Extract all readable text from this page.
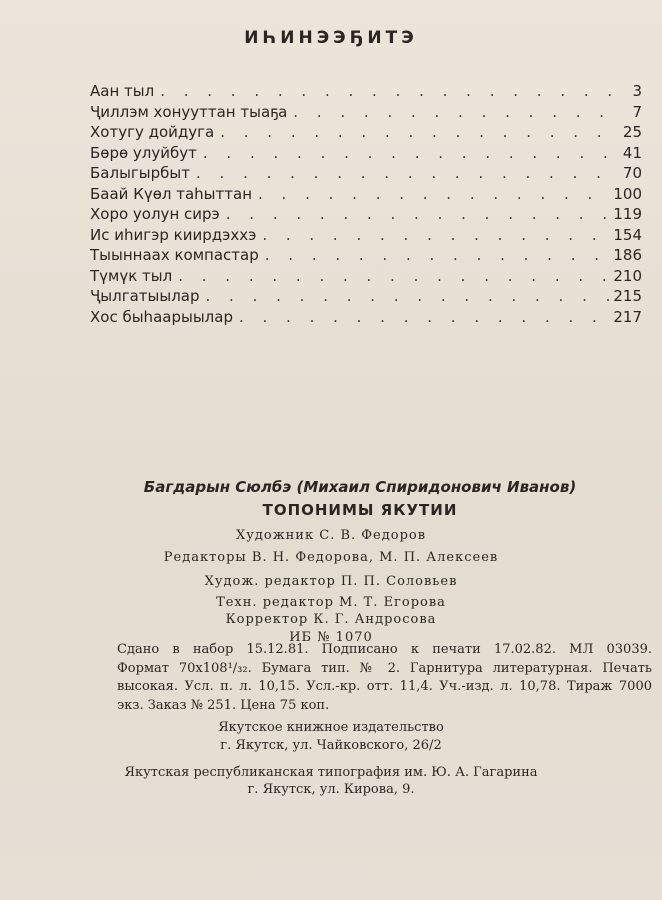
ИҺИНЭЭҔИТЭ
Аан тыл . . .	3
Ҷиллэм хонууттан тыаҕа . . .	7
Хотугу дойдуга . . .	25
Бөрө улуйбут . . .	41
Балыгырбыт . . .	70
Баай Күөл таһыттан . . .	100
Хоро уолун сирэ . . .	119
Ис иһигэр киирдэххэ . . .	154
Тыыннаах компастар . . .	186
Түмүк тыл . . .	210
Ҷылгатыылар . . .	215
Хос быһаарыылар . . .	217
Багдарын Сюлбэ (Михаил Спиридонович Иванов)
ТОПОНИМЫ ЯКУТИИ
Художник С. В. Федоров
Редакторы В. Н. Федорова, М. П. Алексеев
Худож. редактор П. П. Соловьев
Техн. редактор М. Т. Егорова
Корректор К. Г. Андросова
ИБ № 1070
Сдано в набор 15.12.81. Подписано к печати 17.02.82. МЛ 03039.
Формат 70х108¹/₃₂. Бумага тип. № 2. Гарнитура литературная. Печать
высокая. Усл. п. л. 10,15. Усл.-кр. отт. 11,4. Уч.-изд. л. 10,78. Тираж 7000
экз. Заказ № 251. Цена 75 коп.
Якутское книжное издательство
г. Якутск, ул. Чайковского, 26/2
Якутская республиканская типография им. Ю. А. Гагарина
г. Якутск, ул. Кирова, 9.
